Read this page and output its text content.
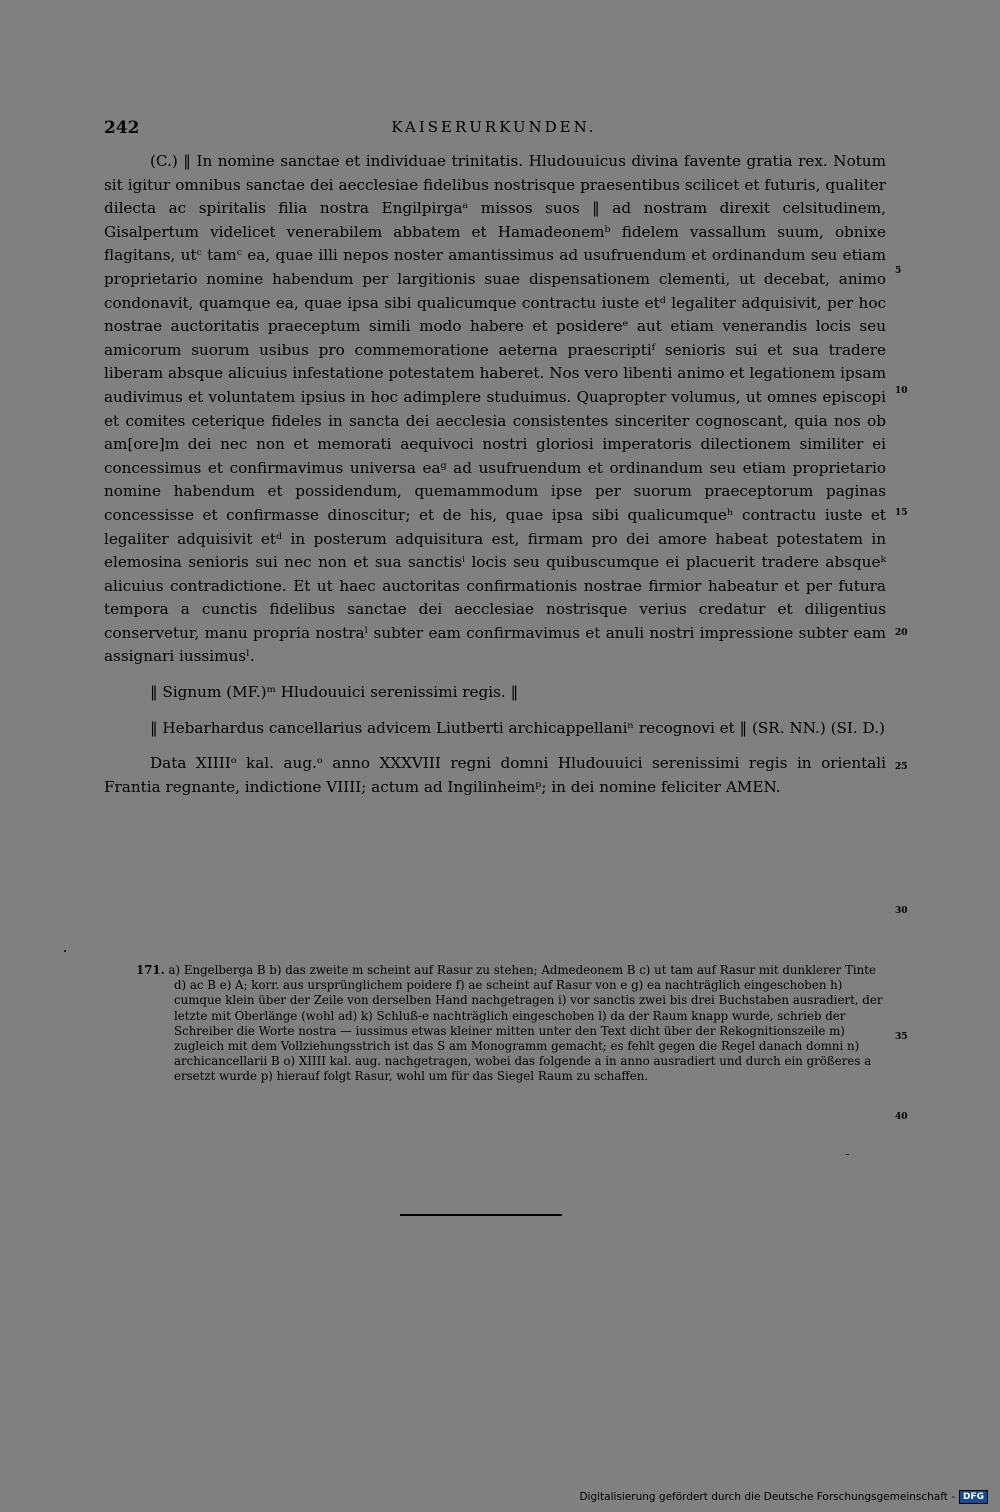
242	KAISERURKUNDEN.

(C.) ‖ In nomine sanctae et individuae trinitatis. Hludouuicus divina favente gratia rex. Notum sit igitur omnibus sanctae dei aecclesiae fidelibus nostrisque praesentibus scilicet et futuris, qualiter dilecta ac spiritalis filia nostra Engilpirgaᵃ missos suos ‖ ad nostram direxit celsitudinem, Gisalpertum videlicet venerabilem abbatem et Hamadeonemᵇ fidelem vassallum suum, obnixe flagitans, utᶜ tamᶜ ea, quae illi nepos noster amantissimus ad usufruendum et ordinandum seu etiam proprietario nomine habendum per largitionis suae dispensationem clementi, ut decebat, animo condonavit, quamque ea, quae ipsa sibi qualicumque contractu iuste etᵈ legaliter adquisivit, per hoc nostrae auctoritatis praeceptum simili modo habere et posidereᵉ aut etiam venerandis locis seu amicorum suorum usibus pro commemoratione aeterna praescriptiᶠ senioris sui et sua tradere liberam absque alicuius infestatione potestatem haberet. Nos vero libenti animo et legationem ipsam audivimus et voluntatem ipsius in hoc adimplere studuimus. Quapropter volumus, ut omnes episcopi et comites ceterique fideles in sancta dei aecclesia consistentes sinceriter cognoscant, quia nos ob am[ore]m dei nec non et memorati aequivoci nostri gloriosi imperatoris dilectionem similiter ei concessimus et confirmavimus universa eaᵍ ad usufruendum et ordinandum seu etiam proprietario nomine habendum et possidendum, quemammodum ipse per suorum praeceptorum paginas concessisse et confirmasse dinoscitur; et de his, quae ipsa sibi qualicumqueʰ contractu iuste et legaliter adquisivit etᵈ in posterum adquisitura est, firmam pro dei amore habeat potestatem in elemosina senioris sui nec non et sua sanctisⁱ locis seu quibuscumque ei placuerit tradere absqueᵏ alicuius contradictione. Et ut haec auctoritas confirmationis nostrae firmior habeatur et per futura tempora a cunctis fidelibus sanctae dei aecclesiae nostrisque verius credatur et diligentius conservetur, manu propria nostraˡ subter eam confirmavimus et anuli nostri impressione subter eam assignari iussimusˡ.

‖ Signum (MF.)ᵐ Hludouuici serenissimi regis. ‖

‖ Hebarhardus cancellarius advicem Liutberti archicappellaniⁿ recognovi et ‖ (SR. NN.) (SI. D.)

Data XIIIIᵒ kal. aug.ᵒ anno XXXVIII regni domni Hludouuici serenissimi regis in orientali Frantia regnante, indictione VIIII; actum ad Ingilinheimᵖ; in dei nomine feliciter AMEN.

5
10
15
20
25
30
35
40

171. a) Engelberga B b) das zweite m scheint auf Rasur zu stehen; Admedeonem B c) ut tam auf Rasur mit dunklerer Tinte d) ac B e) A; korr. aus ursprünglichem poidere f) ae scheint auf Rasur von e g) ea nachträglich eingeschoben h) cumque klein über der Zeile von derselben Hand nachgetragen i) vor sanctis zwei bis drei Buchstaben ausradiert, der letzte mit Oberlänge (wohl ad) k) Schluß-e nachträglich eingeschoben l) da der Raum knapp wurde, schrieb der Schreiber die Worte nostra — iussimus etwas kleiner mitten unter den Text dicht über der Rekognitionszeile m) zugleich mit dem Vollziehungsstrich ist das S am Monogramm gemacht; es fehlt gegen die Regel danach domni n) archicancellarii B o) XIIII kal. aug. nachgetragen, wobei das folgende a in anno ausradiert und durch ein größeres a ersetzt wurde p) hierauf folgt Rasur, wohl um für das Siegel Raum zu schaffen.

Digitalisierung gefördert durch die Deutsche Forschungsgemeinschaft - DFG
